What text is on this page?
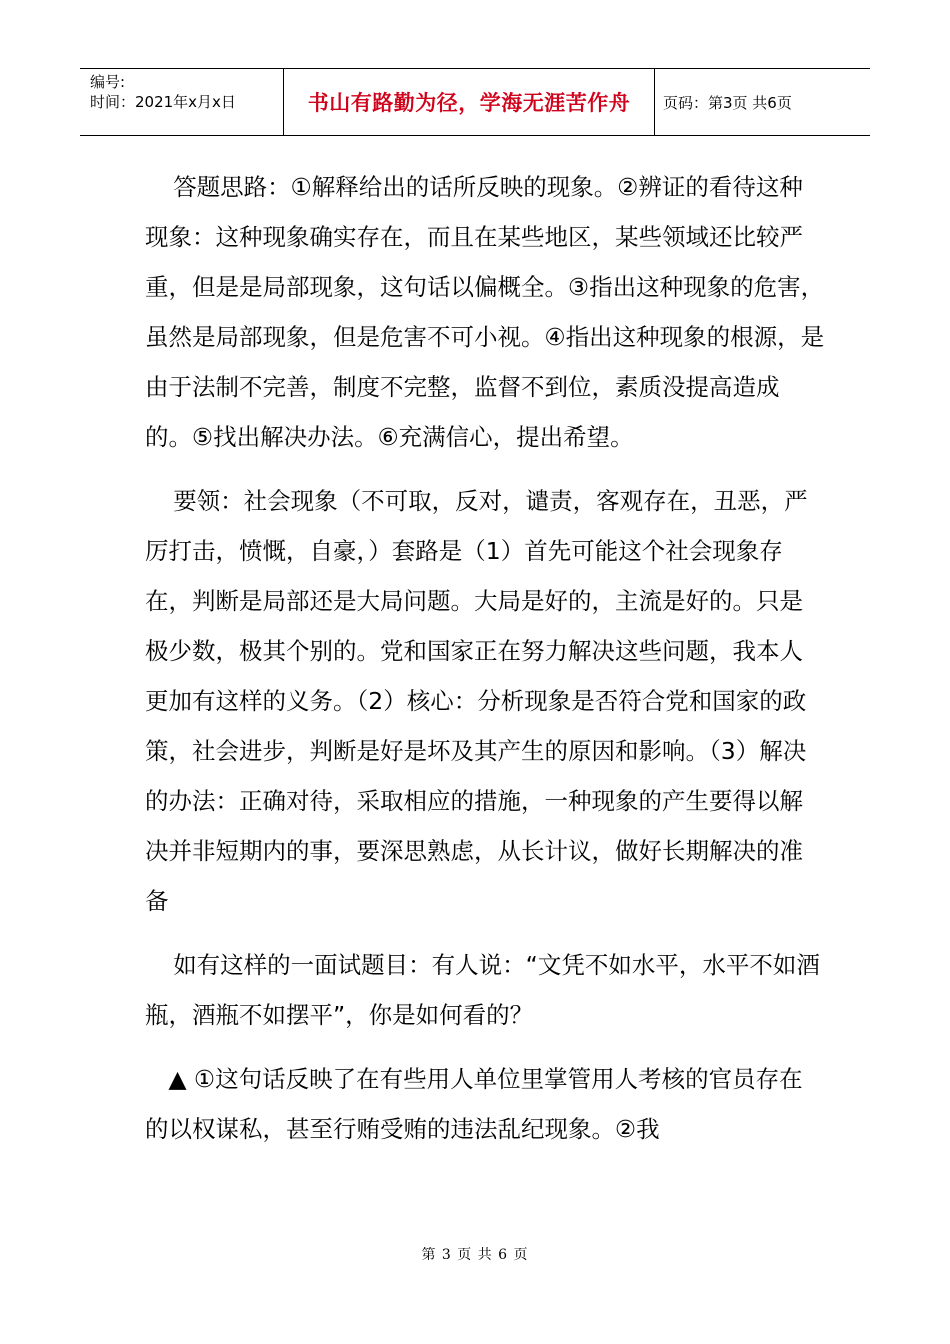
编号:
时间：2021年x月x日	书山有路勤为径，学海无涯苦作舟 页码：第3页 共6页

答题思路：①解释给出的话所反映的现象。②辨证的看待这种现象：这种现象确实存在，而且在某些地区，某些领域还比较严重，但是是局部现象，这句话以偏概全。③指出这种现象的危害，虽然是局部现象，但是危害不可小视。④指出这种现象的根源，是由于法制不完善，制度不完整，监督不到位，素质没提高造成的。⑤找出解决办法。⑥充满信心，提出希望。

要领：社会现象（不可取，反对，谴责，客观存在，丑恶，严厉打击，愤慨，自豪，）套路是（1）首先可能这个社会现象存在，判断是局部还是大局问题。大局是好的，主流是好的。只是极少数，极其个别的。党和国家正在努力解决这些问题，我本人更加有这样的义务。（2）核心：分析现象是否符合党和国家的政策，社会进步，判断是好是坏及其产生的原因和影响。（3）解决的办法：正确对待，采取相应的措施，一种现象的产生要得以解决并非短期内的事，要深思熟虑，从长计议，做好长期解决的准备

如有这样的一面试题目：有人说：“文凭不如水平，水平不如酒瓶，酒瓶不如摆平”，你是如何看的？

▲ ①这句话反映了在有些用人单位里掌管用人考核的官员存在的以权谋私，甚至行贿受贿的违法乱纪现象。②我

第 3 页 共 6 页
